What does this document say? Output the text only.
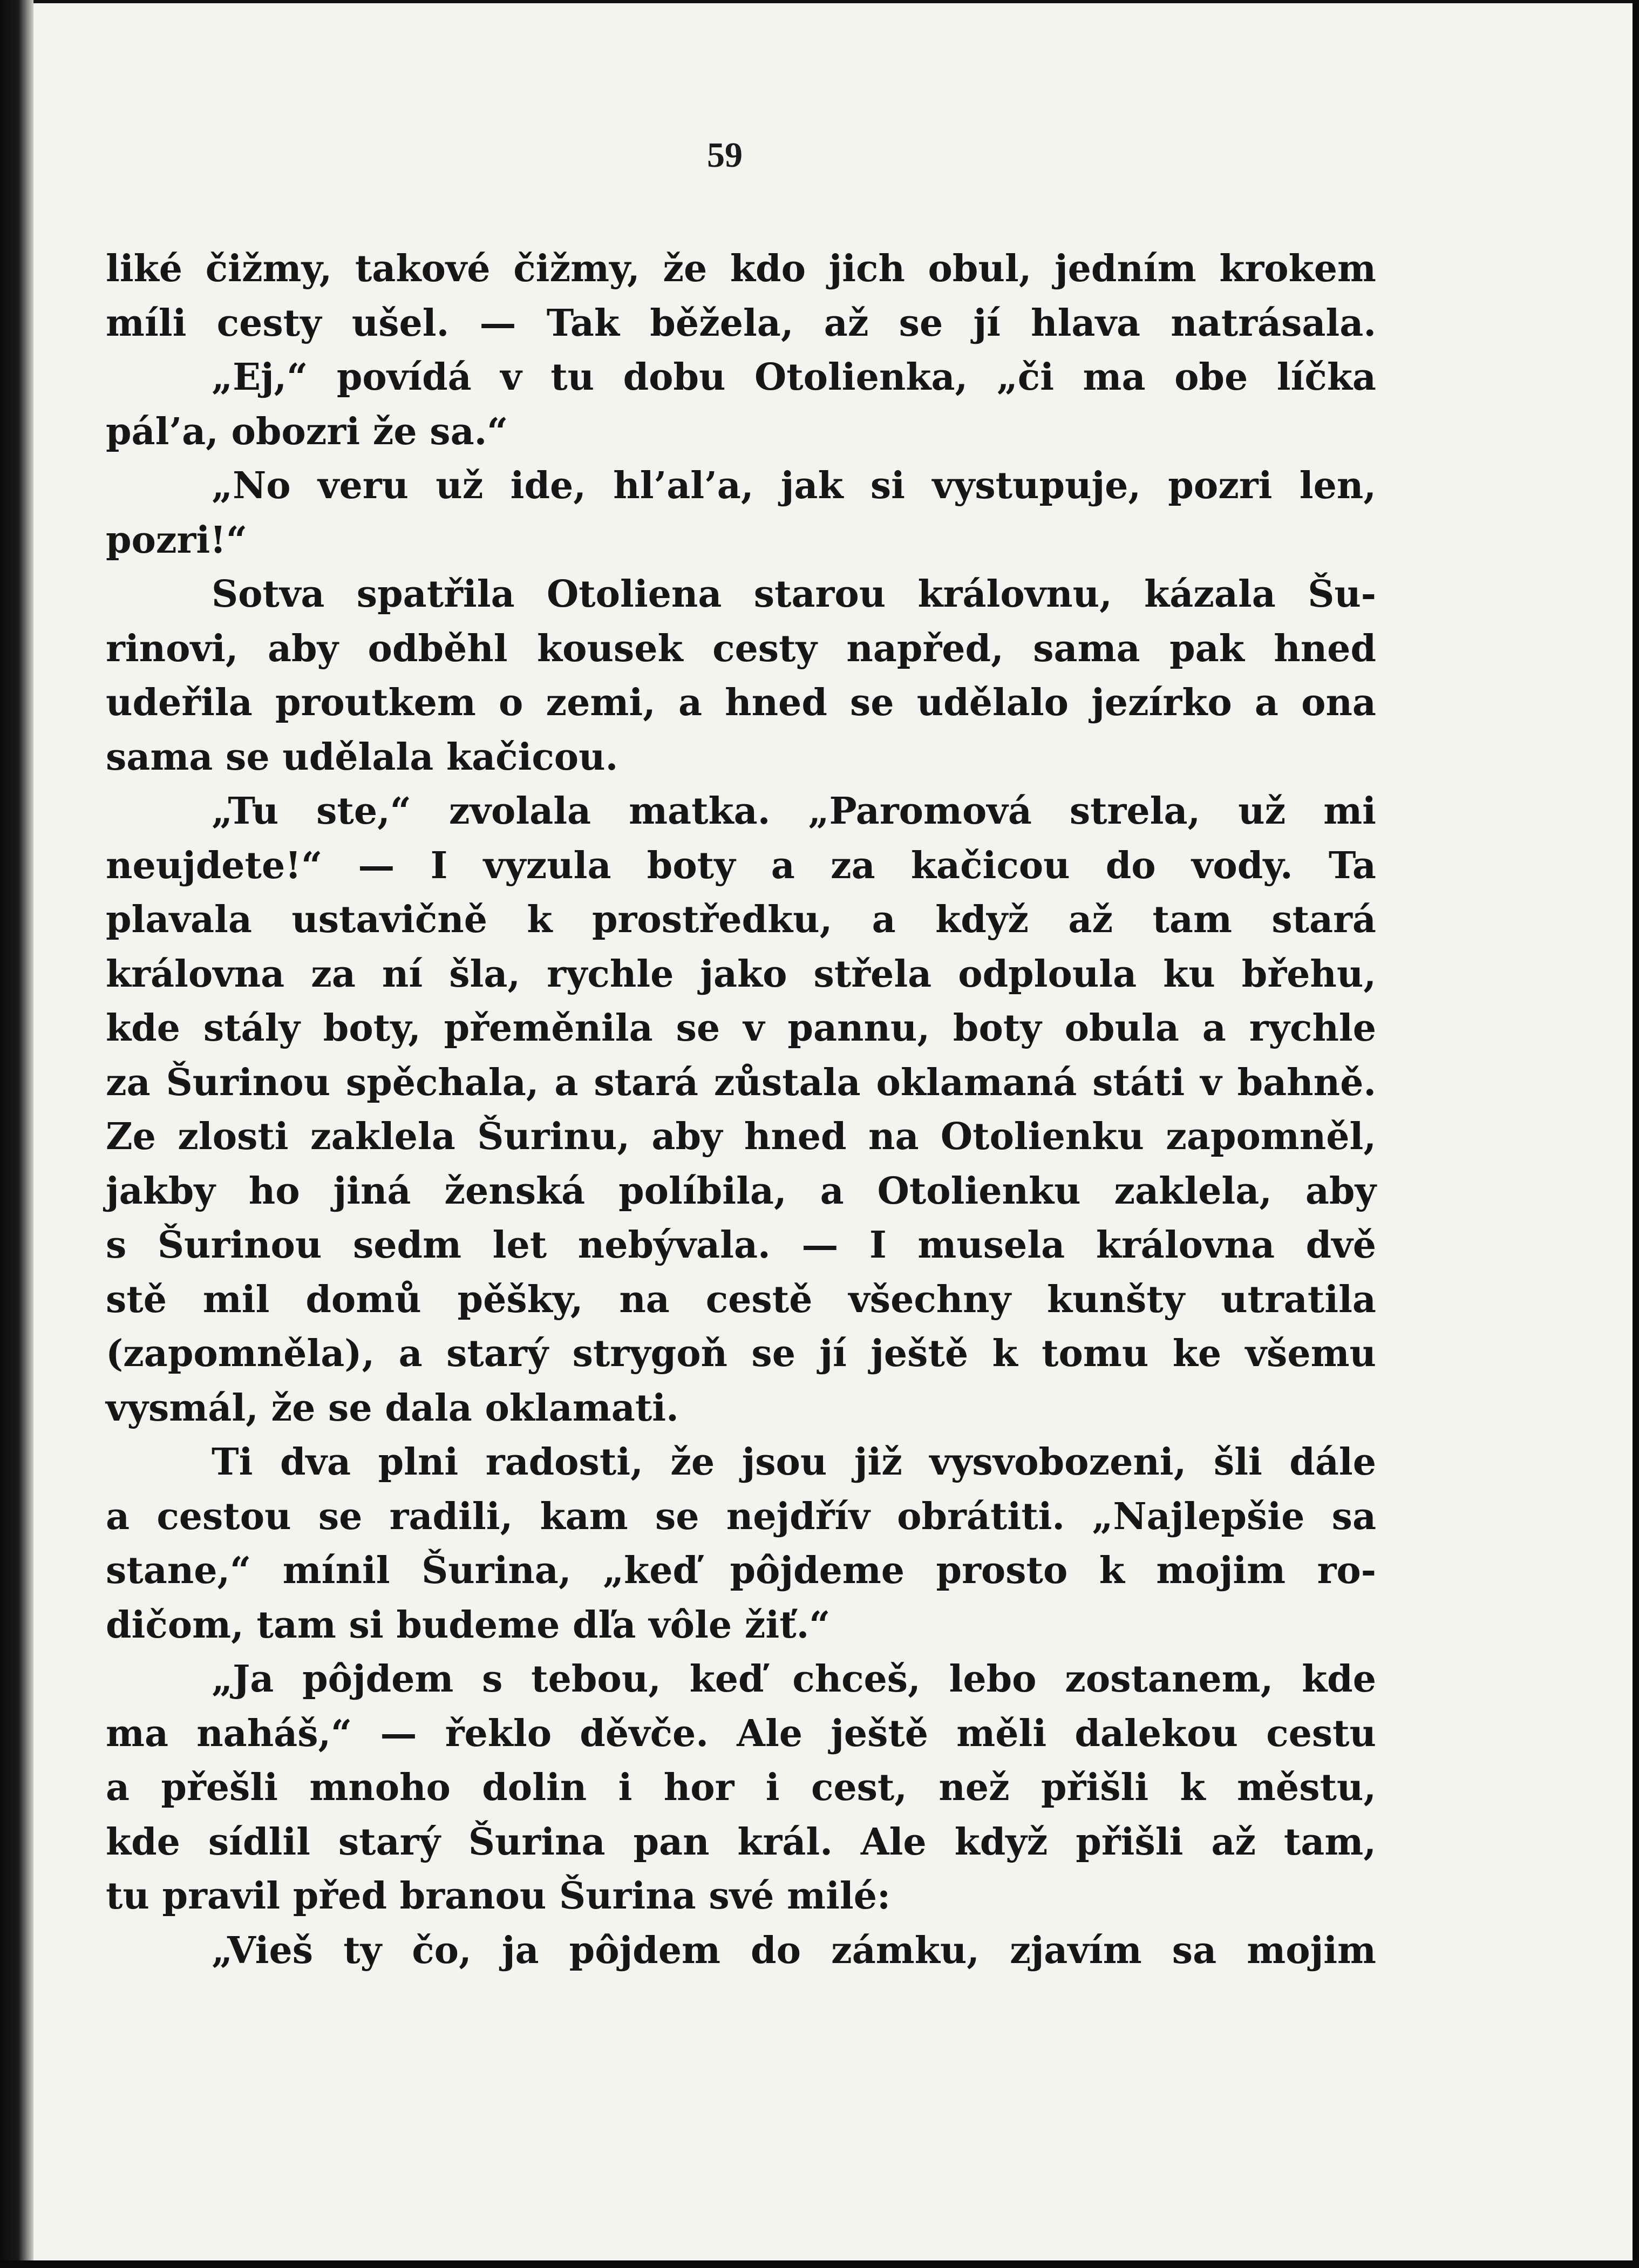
59
liké čižmy, takové čižmy, že kdo jich obul, jedním krokem
míli cesty ušel. — Tak běžela, až se jí hlava natrásala.
„Ej,“ povídá v tu dobu Otolienka, „či ma obe líčka
pál’a, obozri že sa.“
„No veru už ide, hl’al’a, jak si vystupuje, pozri len,
pozri!“
Sotva spatřila Otoliena starou královnu, kázala Šu-
rinovi, aby odběhl kousek cesty napřed, sama pak hned
udeřila proutkem o zemi, a hned se udělalo jezírko a ona
sama se udělala kačicou.
„Tu ste,“ zvolala matka. „Paromová strela, už mi
neujdete!“ — I vyzula boty a za kačicou do vody. Ta
plavala ustavičně k prostředku, a když až tam stará
královna za ní šla, rychle jako střela odploula ku břehu,
kde stály boty, přeměnila se v pannu, boty obula a rychle
za Šurinou spěchala, a stará zůstala oklamaná státi v bahně.
Ze zlosti zaklela Šurinu, aby hned na Otolienku zapomněl,
jakby ho jiná ženská políbila, a Otolienku zaklela, aby
s Šurinou sedm let nebývala. — I musela královna dvě
stě mil domů pěšky, na cestě všechny kunšty utratila
(zapomněla), a starý strygoň se jí ještě k tomu ke všemu
vysmál, že se dala oklamati.
Ti dva plni radosti, že jsou již vysvobozeni, šli dále
a cestou se radili, kam se nejdřív obrátiti. „Najlepšie sa
stane,“ mínil Šurina, „keď pôjdeme prosto k mojim ro-
dičom, tam si budeme dľa vôle žiť.“
„Ja pôjdem s tebou, keď chceš, lebo zostanem, kde
ma naháš,“ — řeklo děvče. Ale ještě měli dalekou cestu
a přešli mnoho dolin i hor i cest, než přišli k městu,
kde sídlil starý Šurina pan král. Ale když přišli až tam,
tu pravil před branou Šurina své milé:
„Vieš ty čo, ja pôjdem do zámku, zjavím sa mojim
